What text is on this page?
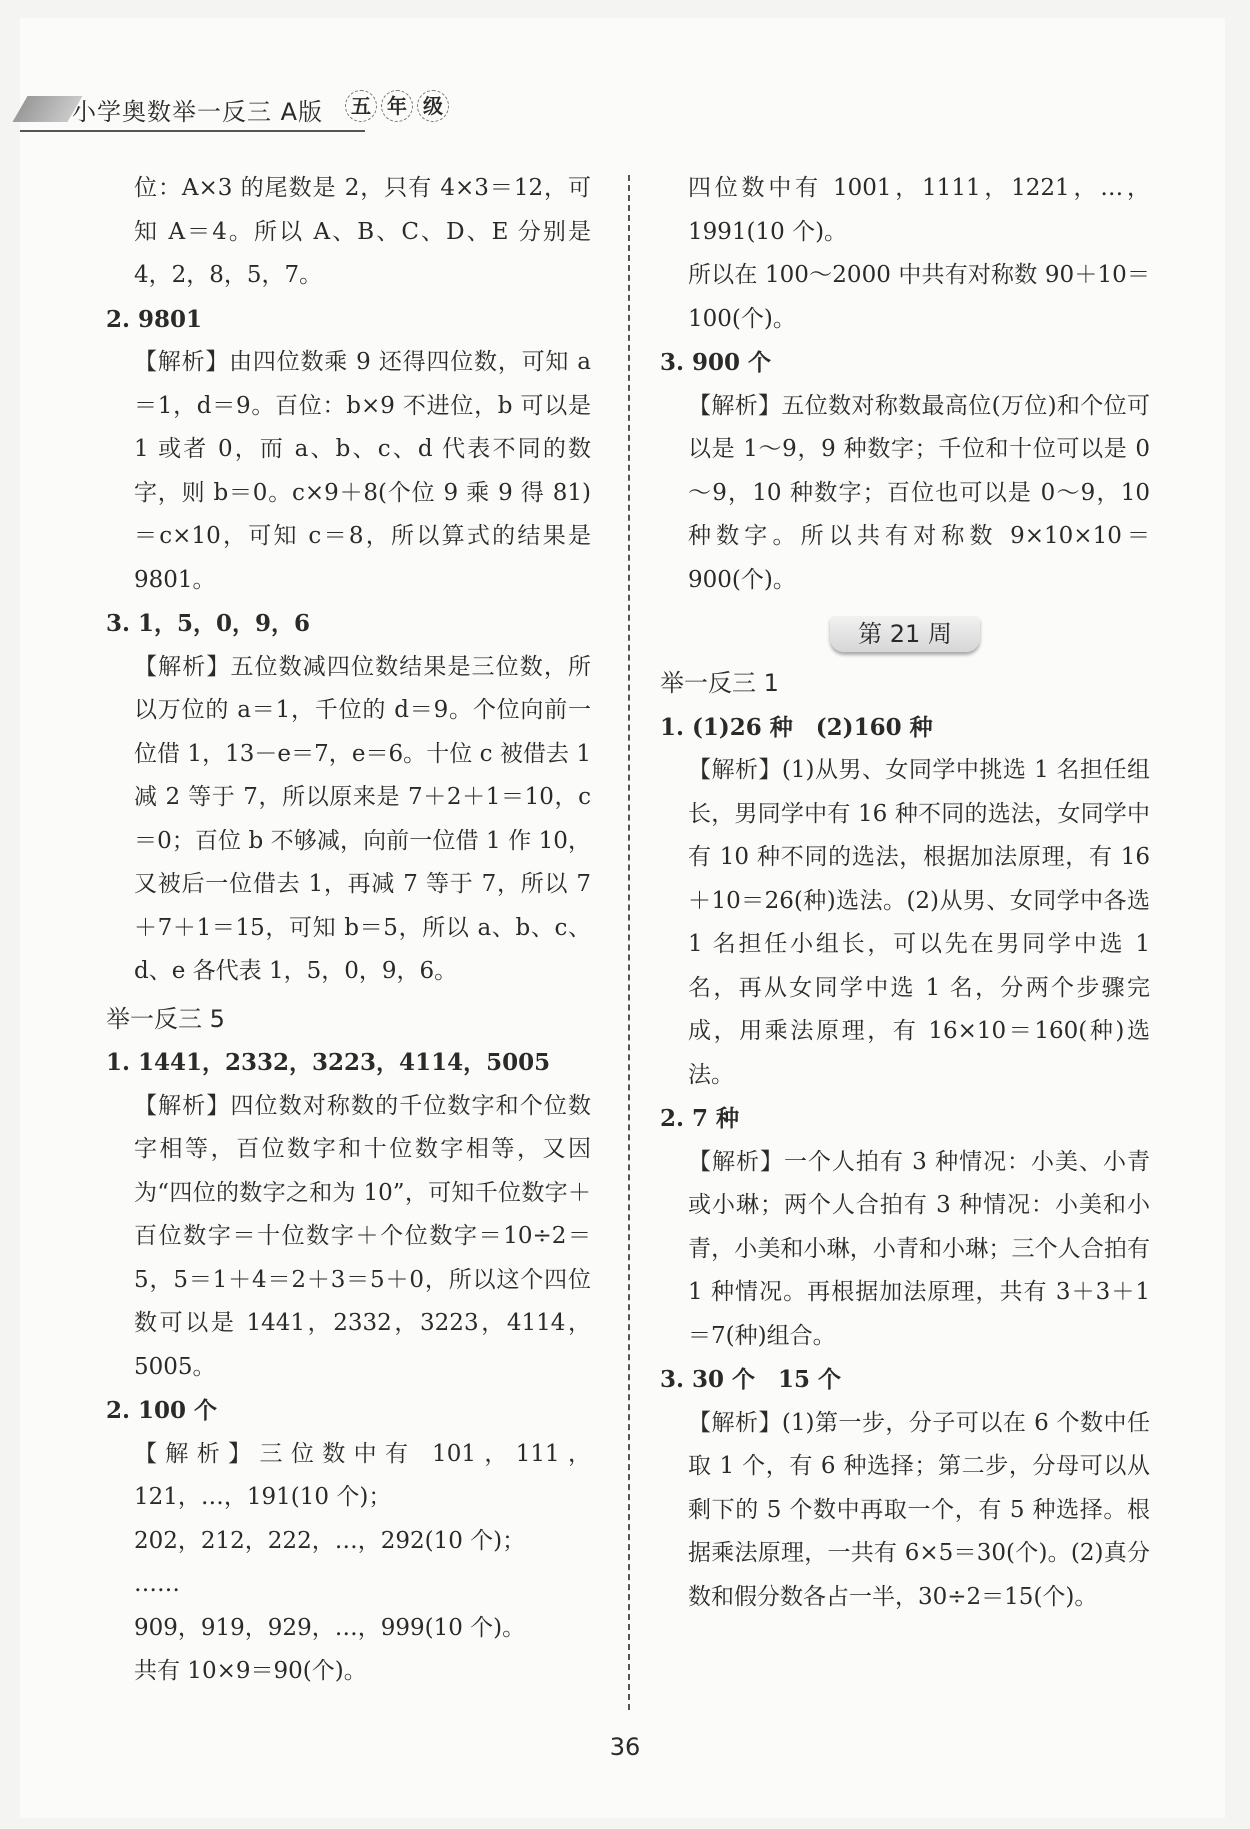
小学奥数举一反三 A版	五 年 级

位：A×3 的尾数是 2，只有 4×3＝12，可知 A＝4。所以 A、B、C、D、E 分别是 4，2，8，5，7。

2. 9801

【解析】由四位数乘 9 还得四位数，可知 a＝1，d＝9。百位：b×9 不进位，b 可以是 1 或者 0，而 a、b、c、d 代表不同的数字，则 b＝0。c×9＋8(个位 9 乘 9 得 81)＝c×10，可知 c＝8，所以算式的结果是 9801。

3. 1，5，0，9，6

【解析】五位数减四位数结果是三位数，所以万位的 a＝1，千位的 d＝9。个位向前一位借 1，13－e＝7，e＝6。十位 c 被借去 1 减 2 等于 7，所以原来是 7＋2＋1＝10，c＝0；百位 b 不够减，向前一位借 1 作 10，又被后一位借去 1，再减 7 等于 7，所以 7＋7＋1＝15，可知 b＝5，所以 a、b、c、d、e 各代表 1，5，0，9，6。

举一反三 5

1. 1441，2332，3223，4114，5005

【解析】四位数对称数的千位数字和个位数字相等，百位数字和十位数字相等，又因为“四位的数字之和为 10”，可知千位数字＋百位数字＝十位数字＋个位数字＝10÷2＝5，5＝1＋4＝2＋3＝5＋0，所以这个四位数可以是 1441，2332，3223，4114，5005。

2. 100 个

【解析】三位数中有 101，111，121，…，191(10 个)；

202，212，222，…，292(10 个)；

……

909，919，929，…，999(10 个)。

共有 10×9＝90(个)。

四位数中有 1001，1111，1221，…，1991(10 个)。

所以在 100～2000 中共有对称数 90＋10＝100(个)。

3. 900 个

【解析】五位数对称数最高位(万位)和个位可以是 1～9，9 种数字；千位和十位可以是 0～9，10 种数字；百位也可以是 0～9，10 种数字。所以共有对称数 9×10×10＝900(个)。

第 21 周

举一反三 1

1. (1)26 种　(2)160 种

【解析】(1)从男、女同学中挑选 1 名担任组长，男同学中有 16 种不同的选法，女同学中有 10 种不同的选法，根据加法原理，有 16＋10＝26(种)选法。(2)从男、女同学中各选 1 名担任小组长，可以先在男同学中选 1 名，再从女同学中选 1 名，分两个步骤完成，用乘法原理，有 16×10＝160(种)选法。

2. 7 种

【解析】一个人拍有 3 种情况：小美、小青或小琳；两个人合拍有 3 种情况：小美和小青，小美和小琳，小青和小琳；三个人合拍有 1 种情况。再根据加法原理，共有 3＋3＋1＝7(种)组合。

3. 30 个　15 个

【解析】(1)第一步，分子可以在 6 个数中任取 1 个，有 6 种选择；第二步，分母可以从剩下的 5 个数中再取一个，有 5 种选择。根据乘法原理，一共有 6×5＝30(个)。(2)真分数和假分数各占一半，30÷2＝15(个)。

36
